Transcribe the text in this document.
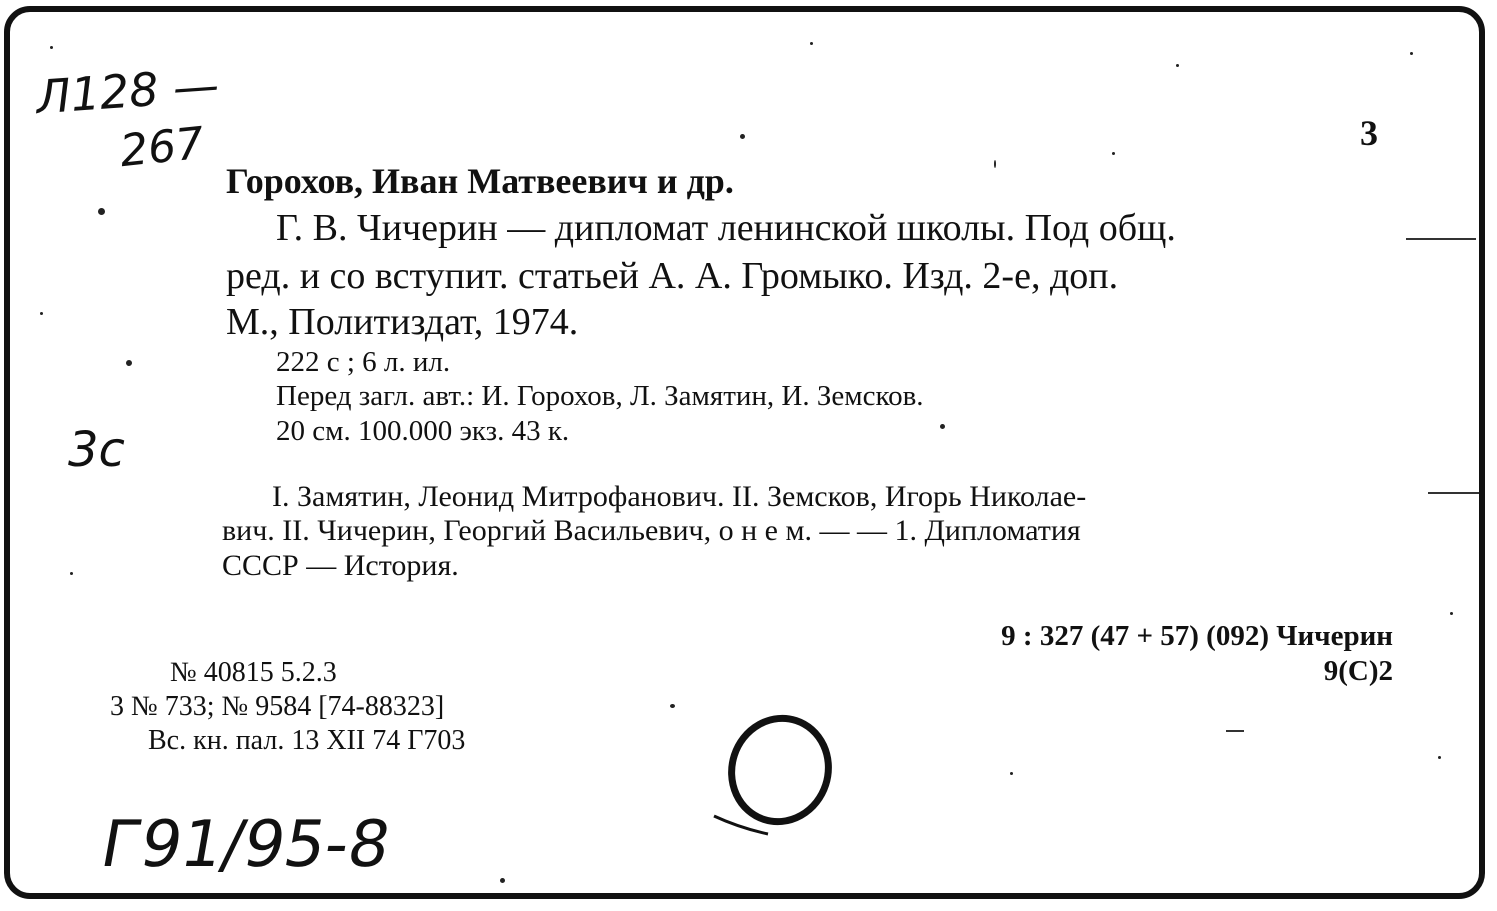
Л128 —
267
3с
Г91/95-8
3
Горохов, Иван Матвеевич и др.
Г. В. Чичерин — дипломат ленинской школы. Под общ.
ред. и со вступит. статьей А. А. Громыко. Изд. 2-е, доп.
М., Политиздат, 1974.
222 с ; 6 л. ил.
Перед загл. авт.: И. Горохов, Л. Замятин, И. Земсков.
20 см. 100.000 экз. 43 к.
I. Замятин, Леонид Митрофанович. II. Земсков, Игорь Николае-
вич. II. Чичерин, Георгий Васильевич, о н е м. — — 1. Дипломатия
СССР — История.
9 : 327 (47 + 57) (092) Чичерин
9(С)2
№ 40815 5.2.3
3 № 733; № 9584 [74-88323]
Вс. кн. пал. 13 XII 74 Г703
